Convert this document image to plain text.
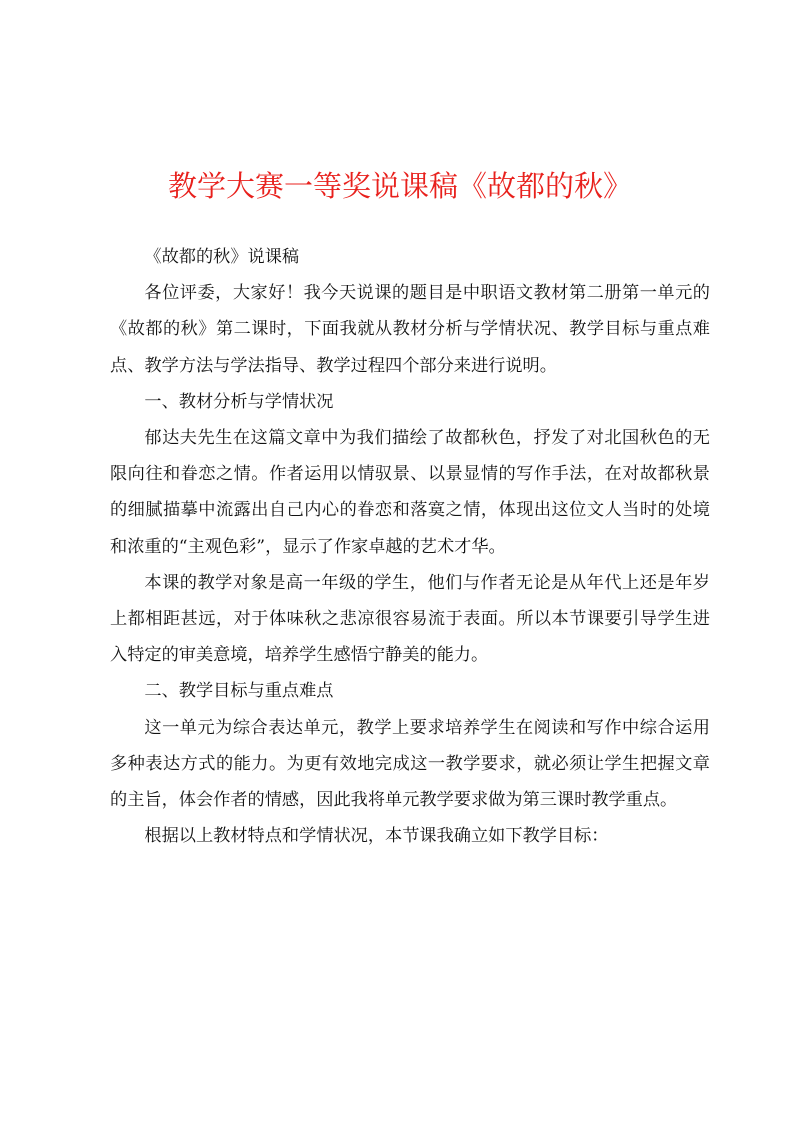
教学大赛一等奖说课稿《故都的秋》

《故都的秋》说课稿

各位评委，大家好！我今天说课的题目是中职语文教材第二册第一单元的《故都的秋》第二课时，下面我就从教材分析与学情状况、教学目标与重点难点、教学方法与学法指导、教学过程四个部分来进行说明。

一、教材分析与学情状况

郁达夫先生在这篇文章中为我们描绘了故都秋色，抒发了对北国秋色的无限向往和眷恋之情。作者运用以情驭景、以景显情的写作手法，在对故都秋景的细腻描摹中流露出自己内心的眷恋和落寞之情，体现出这位文人当时的处境和浓重的“主观色彩”，显示了作家卓越的艺术才华。

本课的教学对象是高一年级的学生，他们与作者无论是从年代上还是年岁上都相距甚远，对于体味秋之悲凉很容易流于表面。所以本节课要引导学生进入特定的审美意境，培养学生感悟宁静美的能力。

二、教学目标与重点难点

这一单元为综合表达单元，教学上要求培养学生在阅读和写作中综合运用多种表达方式的能力。为更有效地完成这一教学要求，就必须让学生把握文章的主旨，体会作者的情感，因此我将单元教学要求做为第三课时教学重点。

根据以上教材特点和学情状况，本节课我确立如下教学目标：
